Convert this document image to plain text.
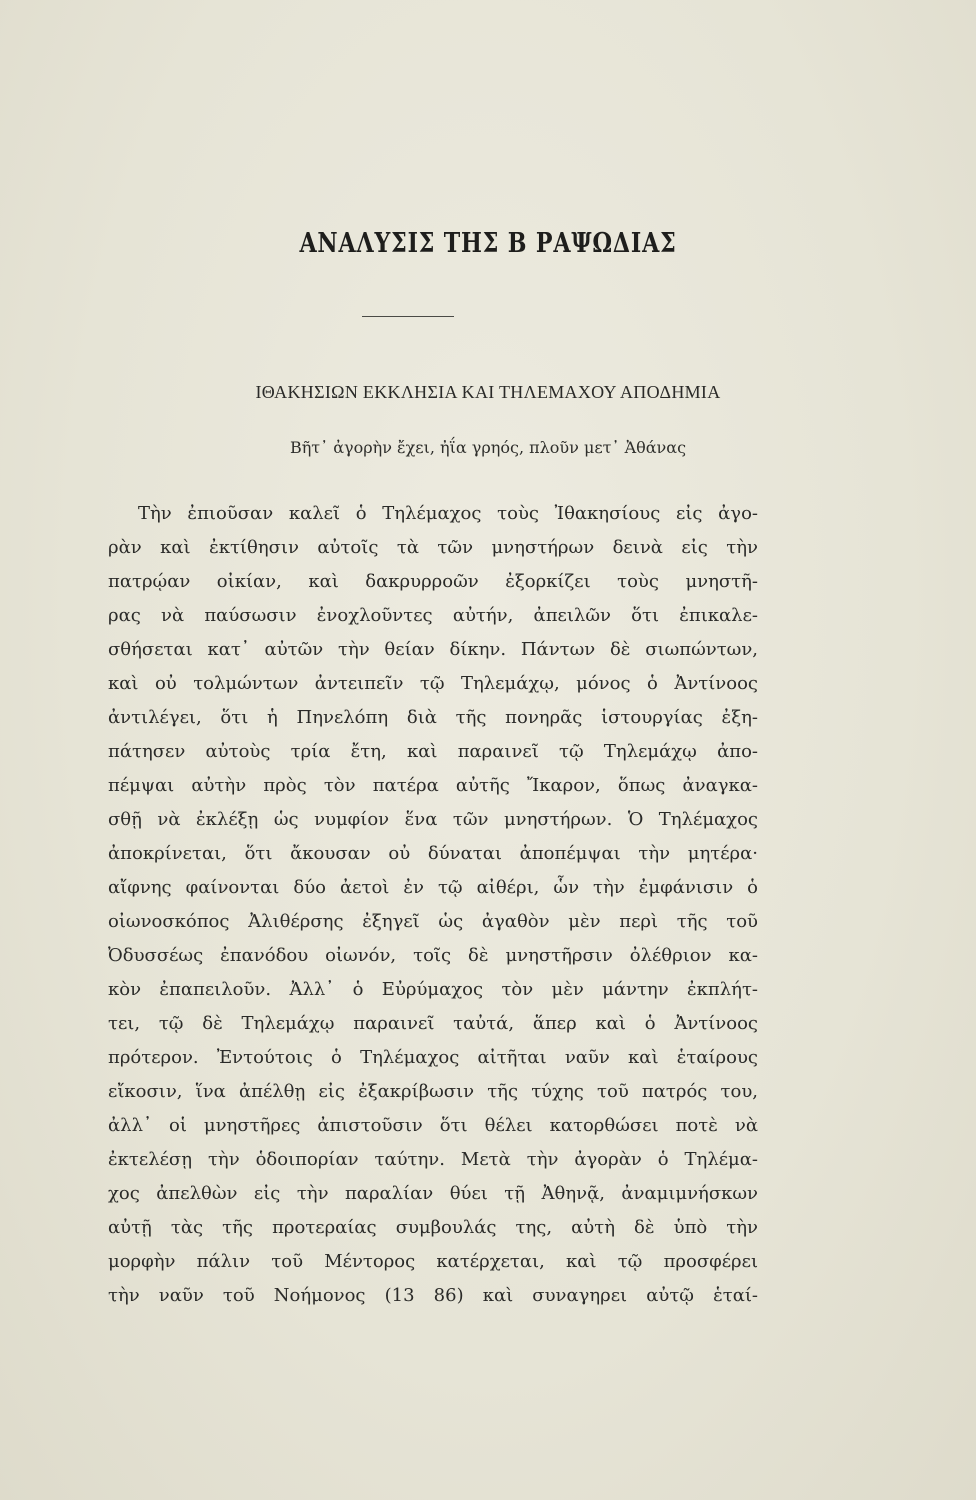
ΑΝΑΛΥΣΙΣ ΤΗΣ Β ΡΑΨΩΔΙΑΣ
ΙΘΑΚΗΣΙΩΝ ΕΚΚΛΗΣΙΑ ΚΑΙ ΤΗΛΕΜΑΧΟΥ ΑΠΟΔΗΜΙΑ
Βῆτ᾽ ἀγορὴν ἔχει, ἠΐα γρηός, πλοῦν μετ᾽ Ἀθάνας
Τὴν ἐπιοῦσαν καλεῖ ὁ Τηλέμαχος τοὺς Ἰθακησίους εἰς ἀγο-
ρὰν καὶ ἐκτίθησιν αὐτοῖς τὰ τῶν μνηστήρων δεινὰ εἰς τὴν
πατρῴαν οἰκίαν, καὶ δακρυρροῶν ἐξορκίζει τοὺς μνηστῆ-
ρας νὰ παύσωσιν ἐνοχλοῦντες αὐτήν, ἀπειλῶν ὅτι ἐπικαλε-
σθήσεται κατ᾽ αὐτῶν τὴν θείαν δίκην. Πάντων δὲ σιωπώντων,
καὶ οὐ τολμώντων ἀντειπεῖν τῷ Τηλεμάχῳ, μόνος ὁ Ἀντίνοος
ἀντιλέγει, ὅτι ἡ Πηνελόπη διὰ τῆς πονηρᾶς ἱστουργίας ἐξη-
πάτησεν αὐτοὺς τρία ἔτη, καὶ παραινεῖ τῷ Τηλεμάχῳ ἀπο-
πέμψαι αὐτὴν πρὸς τὸν πατέρα αὐτῆς Ἴκαρον, ὅπως ἀναγκα-
σθῇ νὰ ἐκλέξῃ ὡς νυμφίον ἕνα τῶν μνηστήρων. Ὁ Τηλέμαχος
ἀποκρίνεται, ὅτι ἄκουσαν οὐ δύναται ἀποπέμψαι τὴν μητέρα·
αἴφνης φαίνονται δύο ἀετοὶ ἐν τῷ αἰθέρι, ὧν τὴν ἐμφάνισιν ὁ
οἰωνοσκόπος Ἀλιθέρσης ἐξηγεῖ ὡς ἀγαθὸν μὲν περὶ τῆς τοῦ
Ὀδυσσέως ἐπανόδου οἰωνόν, τοῖς δὲ μνηστῆρσιν ὀλέθριον κα-
κὸν ἐπαπειλοῦν. Ἀλλ᾽ ὁ Εὐρύμαχος τὸν μὲν μάντην ἐκπλήτ-
τει, τῷ δὲ Τηλεμάχῳ παραινεῖ ταὐτά, ἅπερ καὶ ὁ Ἀντίνοος
πρότερον. Ἐντούτοις ὁ Τηλέμαχος αἰτῆται ναῦν καὶ ἑταίρους
εἴκοσιν, ἵνα ἀπέλθῃ εἰς ἐξακρίβωσιν τῆς τύχης τοῦ πατρός του,
ἀλλ᾽ οἱ μνηστῆρες ἀπιστοῦσιν ὅτι θέλει κατορθώσει ποτὲ νὰ
ἐκτελέσῃ τὴν ὁδοιπορίαν ταύτην. Μετὰ τὴν ἀγορὰν ὁ Τηλέμα-
χος ἀπελθὼν εἰς τὴν παραλίαν θύει τῇ Ἀθηνᾷ, ἀναμιμνήσκων
αὐτῇ τὰς τῆς προτεραίας συμβουλάς της, αὐτὴ δὲ ὑπὸ τὴν
μορφὴν πάλιν τοῦ Μέντορος κατέρχεται, καὶ τῷ προσφέρει
τὴν ναῦν τοῦ Νοήμονος (13 86) καὶ συναγηρει αὐτῷ ἑταί-
